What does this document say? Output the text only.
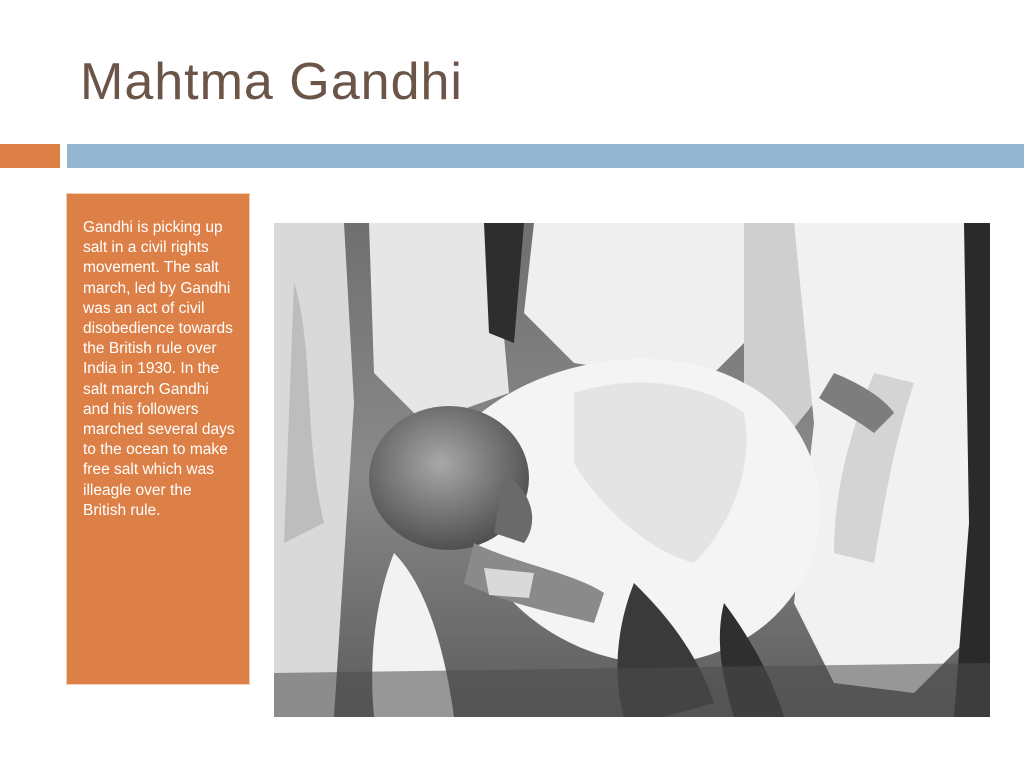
Mahtma Gandhi

Gandhi is picking up salt in a civil rights movement. The salt march, led by Gandhi was an act of civil disobedience towards the British rule over India in 1930. In the salt march Gandhi and his followers marched several days to the ocean to make free salt which was illeagle over the British rule.
